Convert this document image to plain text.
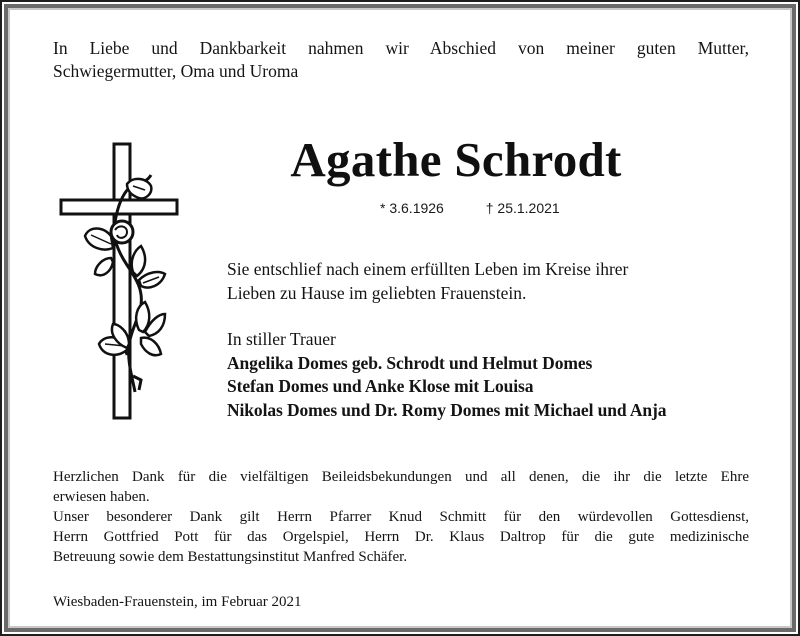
In Liebe und Dankbarkeit nahmen wir Abschied von meiner guten Mutter,
Schwiegermutter, Oma und Uroma

Agathe Schrodt
* 3.6.1926	† 25.1.2021

Sie entschlief nach einem erfüllten Leben im Kreise ihrer
Lieben zu Hause im geliebten Frauenstein.

In stiller Trauer
Angelika Domes geb. Schrodt und Helmut Domes
Stefan Domes und Anke Klose mit Louisa
Nikolas Domes und Dr. Romy Domes mit Michael und Anja

Herzlichen Dank für die vielfältigen Beileidsbekundungen und all denen, die ihr die letzte Ehre
erwiesen haben.
Unser besonderer Dank gilt Herrn Pfarrer Knud Schmitt für den würdevollen Gottesdienst,
Herrn Gottfried Pott für das Orgelspiel, Herrn Dr. Klaus Daltrop für die gute medizinische
Betreuung sowie dem Bestattungsinstitut Manfred Schäfer.

Wiesbaden-Frauenstein, im Februar 2021
